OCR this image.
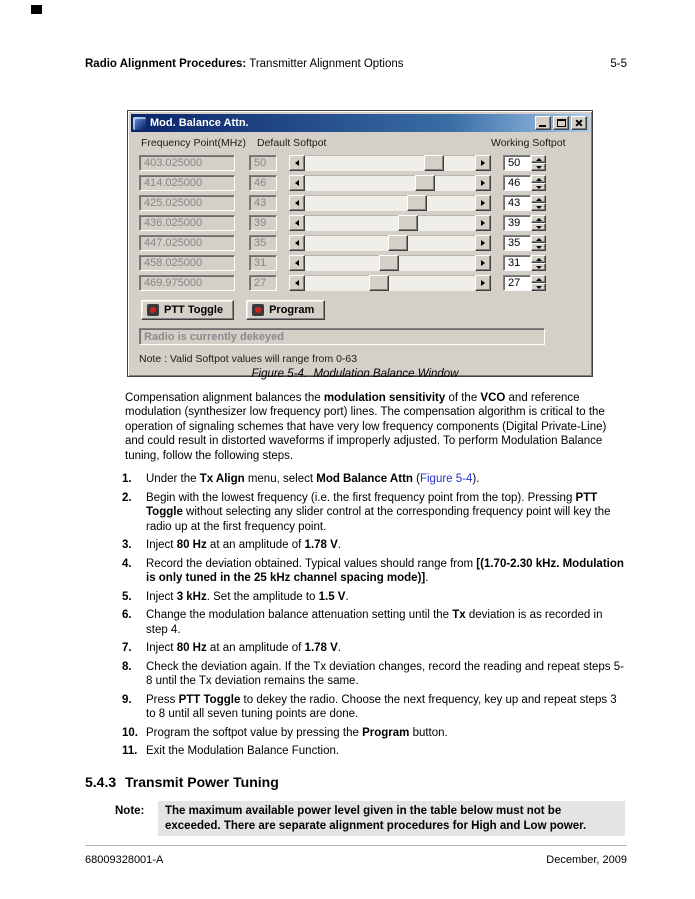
Radio Alignment Procedures: Transmitter Alignment Options	5-5
Mod. Balance Attn.
Frequency Point(MHz) Default Softpot	Working Softpot
403.025000	50	50
414.025000	46	46
425.025000	43	43
436.025000	39	39
447.025000	35	35
458.025000	31	31
469.975000	27	27
PTT Toggle	Program
Radio is currently dekeyed
Note : Valid Softpot values will range from 0-63
Figure 5-4.  Modulation Balance Window

Compensation alignment balances the modulation sensitivity of the VCO and reference modulation (synthesizer low frequency port) lines. The compensation algorithm is critical to the operation of signaling schemes that have very low frequency components (Digital Private-Line) and could result in distorted waveforms if improperly adjusted. To perform Modulation Balance tuning, follow the following steps.

1.	Under the Tx Align menu, select Mod Balance Attn (Figure 5-4).
2.	Begin with the lowest frequency (i.e. the first frequency point from the top). Pressing PTT Toggle without selecting any slider control at the corresponding frequency point will key the radio up at the first frequency point.
3.	Inject 80 Hz at an amplitude of 1.78 V.
4.	Record the deviation obtained. Typical values should range from [(1.70-2.30 kHz. Modulation is only tuned in the 25 kHz channel spacing mode)].
5.	Inject 3 kHz. Set the amplitude to 1.5 V.
6.	Change the modulation balance attenuation setting until the Tx deviation is as recorded in step 4.
7.	Inject 80 Hz at an amplitude of 1.78 V.
8.	Check the deviation again. If the Tx deviation changes, record the reading and repeat steps 5-8 until the Tx deviation remains the same.
9.	Press PTT Toggle to dekey the radio. Choose the next frequency, key up and repeat steps 3 to 8 until all seven tuning points are done.
10. Program the softpot value by pressing the Program button.
11. Exit the Modulation Balance Function.
5.4.3 Transmit Power Tuning
Note:	The maximum available power level given in the table below must not be exceeded. There are separate alignment procedures for High and Low power.
68009328001-A	December, 2009
